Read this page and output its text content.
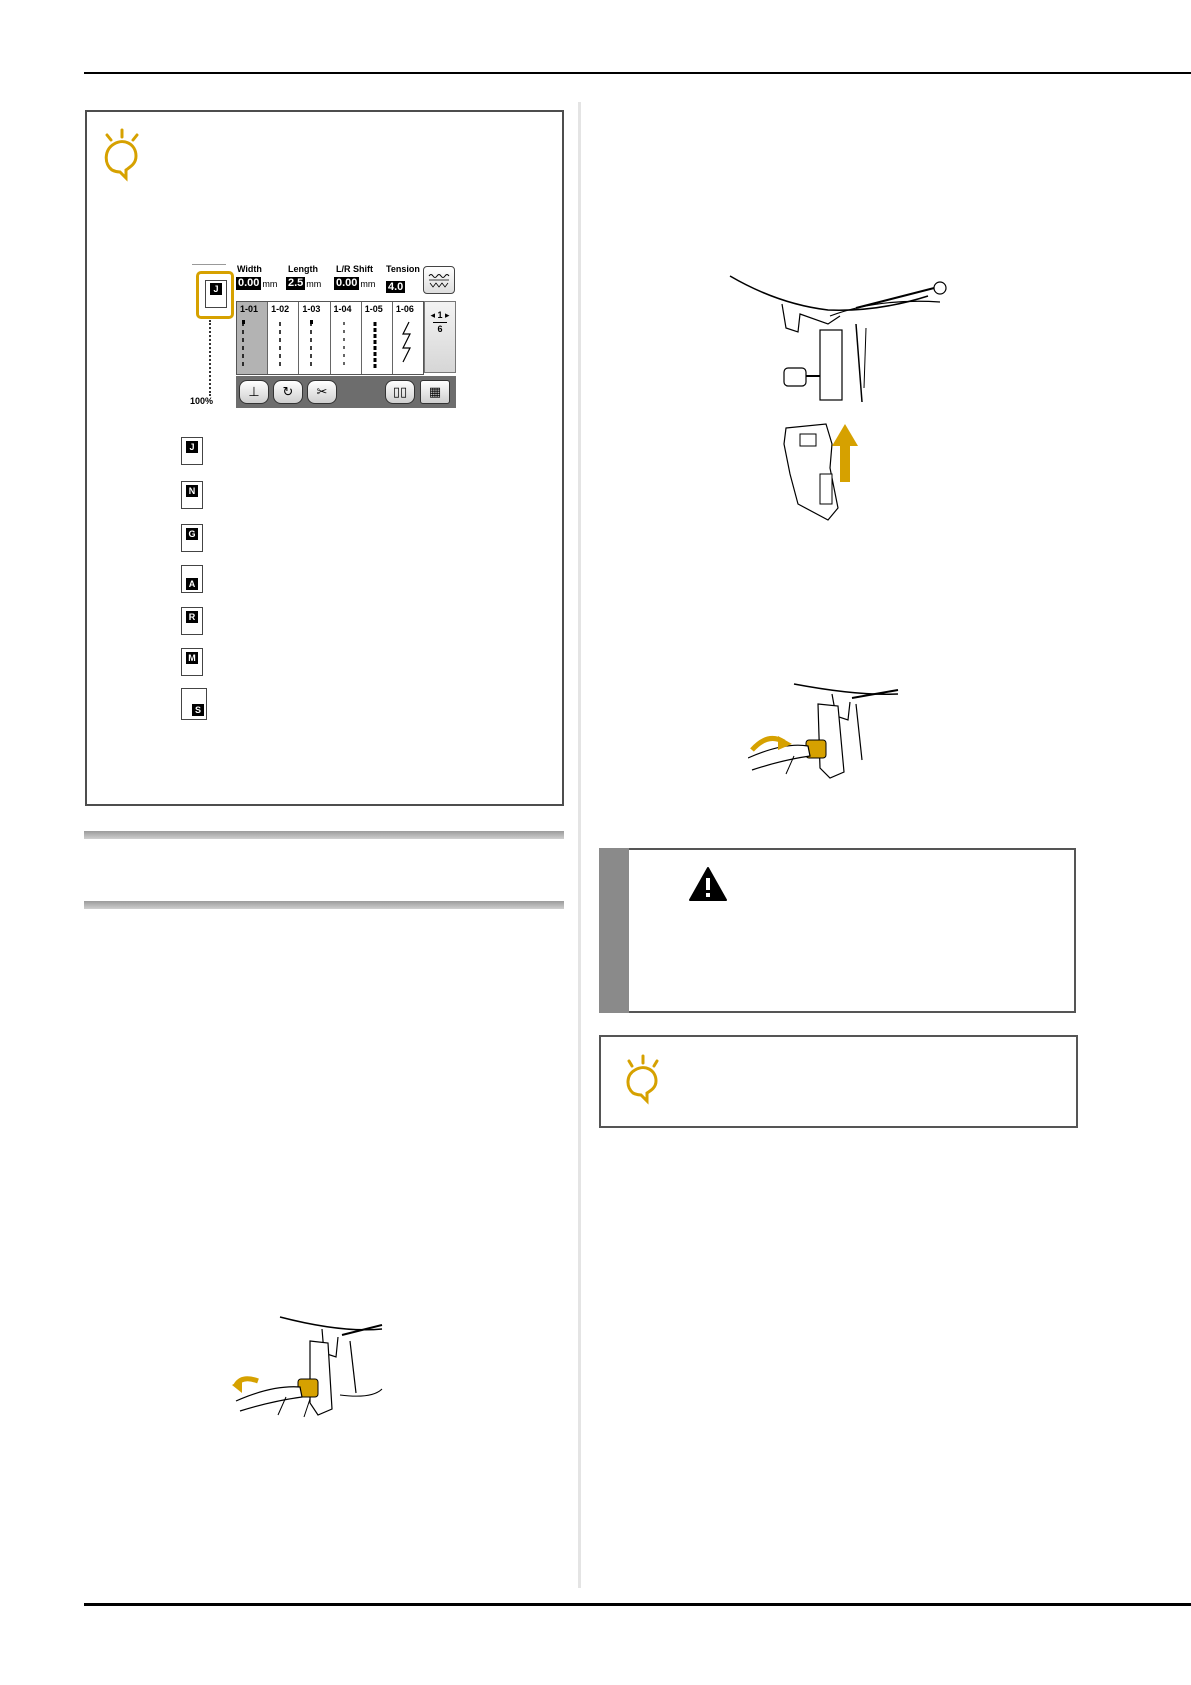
100%
J
Width
0.00 mm
Length
2.5 mm
L/R Shift
0.00 mm
Tension
4.0
1-01 1-02 1-03 1-04 1-05 1-06
◂ 1 ▸
6
⊥	↻	✂	▯▯	▦
J
N
G
A
R
M
S
